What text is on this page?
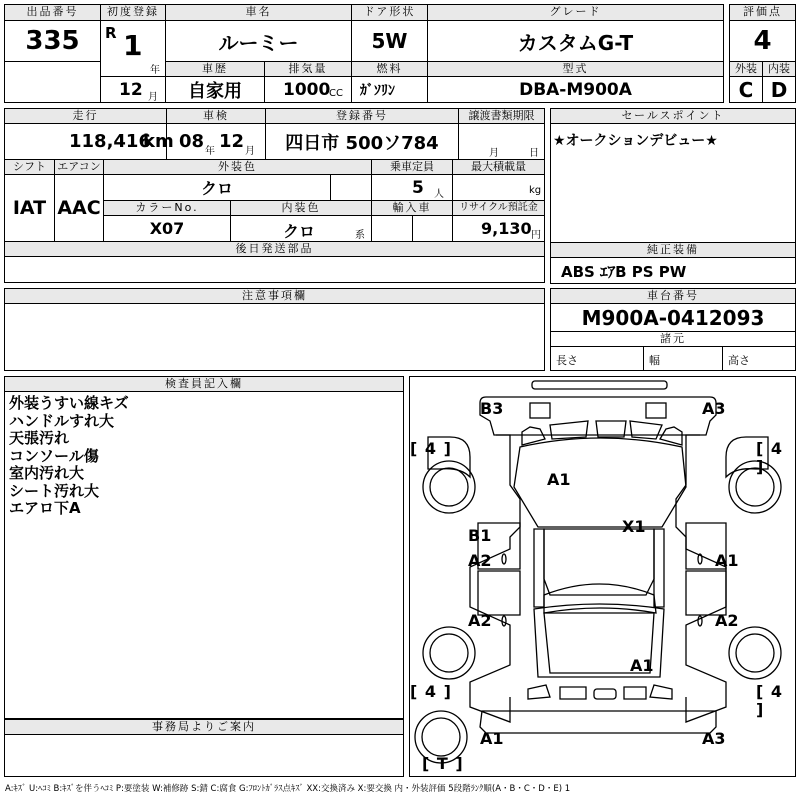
出品番号
335
初度登録
R 1
年
12 月
車名
ルーミー
ドア形状
5W
グレード
カスタムG-T
評価点
4
車歴
自家用
排気量
1000
CC
燃料
ｶﾞｿﾘﾝ
型式
DBA-M900A
外装	内装
C D
走行
118,416
km
車検
08 年 12 月
登録番号
四日市 500ソ784
譲渡書類期限
月	日
シフト
IAT
エアコン
AAC
外装色
クロ
乗車定員
5 人
最大積載量
kg
カラーNo.
X07
内装色
クロ	系
輸入車	リサイクル預託金
9,130 円
後日発送部品
セールスポイント
★オークションデビュー★
純正装備
ABS ｴｱB PS PW
注意事項欄	車台番号
M900A-0412093
諸元
長さ	幅	高さ
検査員記入欄
外装うすい線キズ
ハンドルすれ大
天張汚れ
コンソール傷
室内汚れ大
シート汚れ大
エアロ下A
事務局よりご案内
[ 4 ]	[ 4 ]
[ 4 ]	[ 4 ]
[ T ]
B3	A3
A1
B1	X1
A2	A1
A2	A2
A1
A1	A3
A:ｷｽﾞ U:ﾍｺﾐ B:ｷｽﾞを伴うﾍｺﾐ P:要塗装 W:補修跡 S:錆 C:腐食 G:ﾌﾛﾝﾄｶﾞﾗｽ点ｷｽﾞ XX:交換済み X:要交換 内・外装評価 5段階ﾗﾝｸ順(A・B・C・D・E) 1
